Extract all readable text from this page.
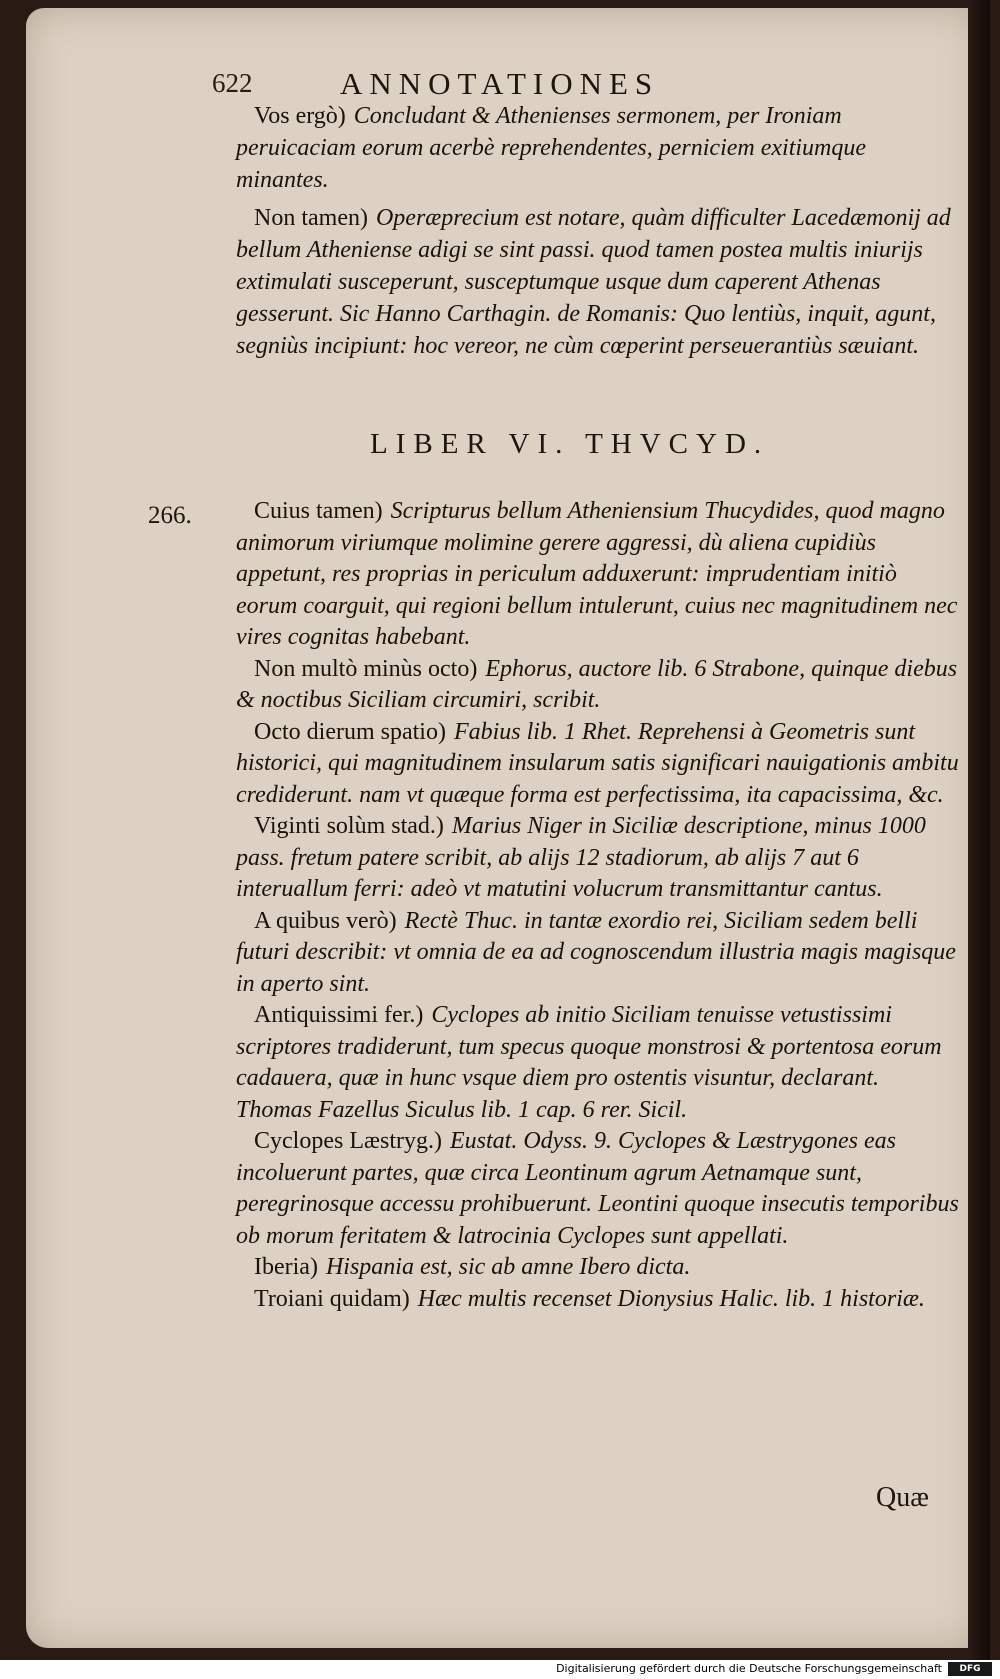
622	ANNOTATIONES

Vos ergò) Concludant & Athenienses sermonem, per Ironiam peruicaciam eorum acerbè reprehendentes, perniciem exitiumque minantes.

Non tamen) Operæprecium est notare, quàm difficulter Lacedæmonij ad bellum Atheniense adigi se sint passi. quod tamen postea multis iniurijs extimulati susceperunt, susceptumque usque dum caperent Athenas gesserunt. Sic Hanno Carthagin. de Romanis: Quo lentiùs, inquit, agunt, segniùs incipiunt: hoc vereor, ne cùm cœperint perseuerantiùs sæuiant.

LIBER VI. THVCYD.
266.	Cuius tamen) Scripturus bellum Atheniensium Thucydides, quod magno animorum viriumque molimine gerere aggressi, dù aliena cupidiùs appetunt, res proprias in periculum adduxerunt: imprudentiam initiò eorum coarguit, qui regioni bellum intulerunt, cuius nec magnitudinem nec vires cognitas habebant.

Non multò minùs octo) Ephorus, auctore lib. 6 Strabone, quinque diebus & noctibus Siciliam circumiri, scribit.

Octo dierum spatio) Fabius lib. 1 Rhet. Reprehensi à Geometris sunt historici, qui magnitudinem insularum satis significari nauigationis ambitu crediderunt. nam vt quæque forma est perfectissima, ita capacissima, &c.

Viginti solùm stad.) Marius Niger in Siciliæ descriptione, minus 1000 pass. fretum patere scribit, ab alijs 12 stadiorum, ab alijs 7 aut 6 interuallum ferri: adeò vt matutini volucrum transmittantur cantus.

A quibus verò) Rectè Thuc. in tantæ exordio rei, Siciliam sedem belli futuri describit: vt omnia de ea ad cognoscendum illustria magis magisque in aperto sint.

Antiquissimi fer.) Cyclopes ab initio Siciliam tenuisse vetustissimi scriptores tradiderunt, tum specus quoque monstrosi & portentosa eorum cadauera, quæ in hunc vsque diem pro ostentis visuntur, declarant. Thomas Fazellus Siculus lib. 1 cap. 6 rer. Sicil.

Cyclopes Læstryg.) Eustat. Odyss. 9. Cyclopes & Læstrygones eas incoluerunt partes, quæ circa Leontinum agrum Aetnamque sunt, peregrinosque accessu prohibuerunt. Leontini quoque insecutis temporibus ob morum feritatem & latrocinia Cyclopes sunt appellati.

Iberia) Hispania est, sic ab amne Ibero dicta.

Troiani quidam) Hæc multis recenset Dionysius Halic. lib. 1 historiæ.

Quæ
Digitalisierung gefördert durch die Deutsche Forschungsgemeinschaft	DFG
